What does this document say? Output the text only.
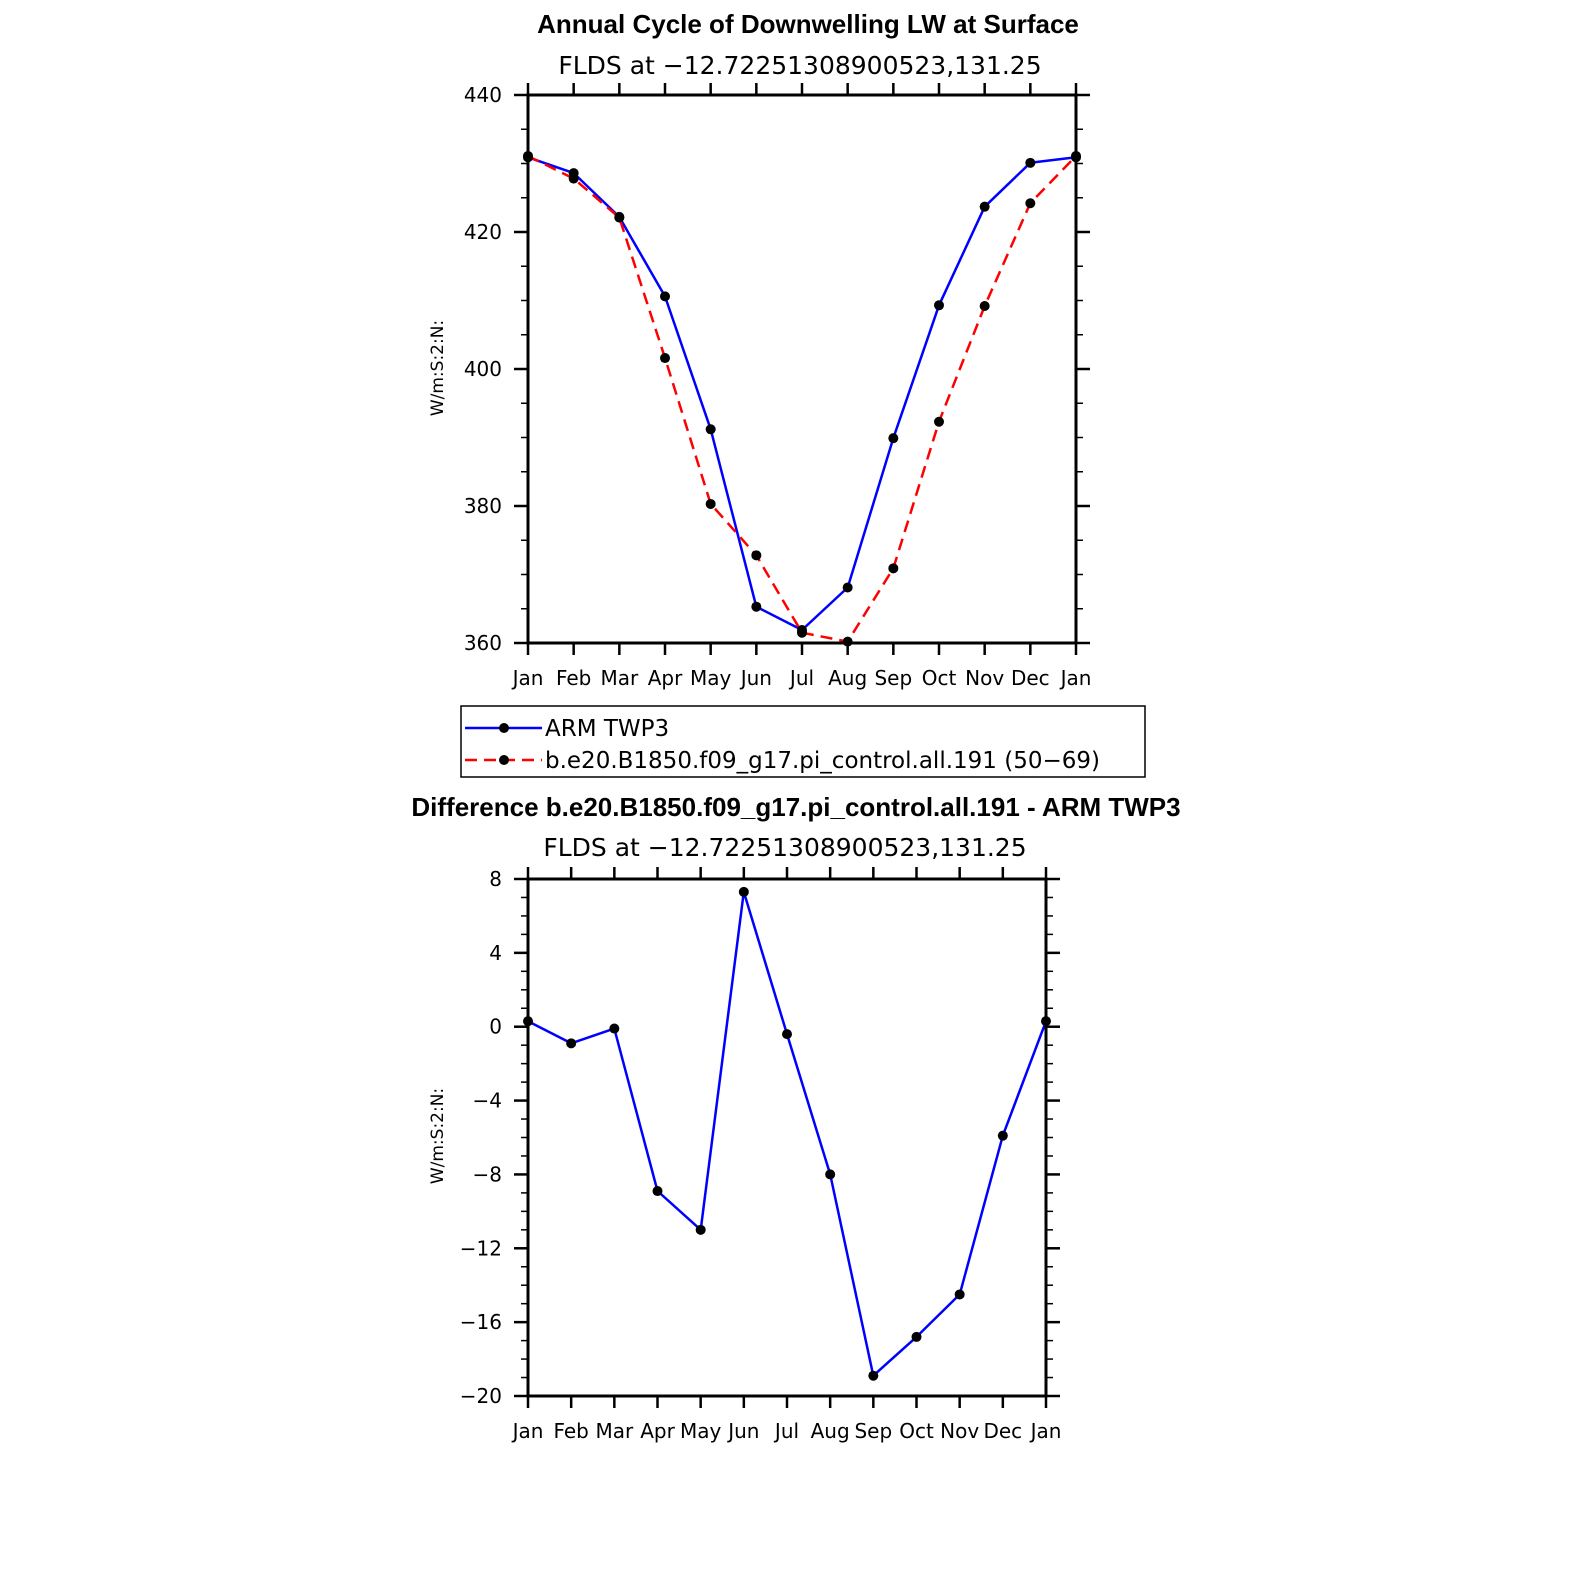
Annual Cycle of Downwelling LW at Surface
FLDS at −12.72251308900523,131.25
W/m:S:2:N:
Jan Feb Mar Apr May Jun Jul Aug Sep Oct Nov Dec Jan
360
380
400
420
440
ARM TWP3
b.e20.B1850.f09_g17.pi_control.all.191 (50−69)
Difference b.e20.B1850.f09_g17.pi_control.all.191 - ARM TWP3
FLDS at −12.72251308900523,131.25
W/m:S:2:N:
Jan Feb Mar Apr May Jun Jul Aug Sep Oct Nov Dec Jan
−20
−16
−12
−8
−4
0
4
8
